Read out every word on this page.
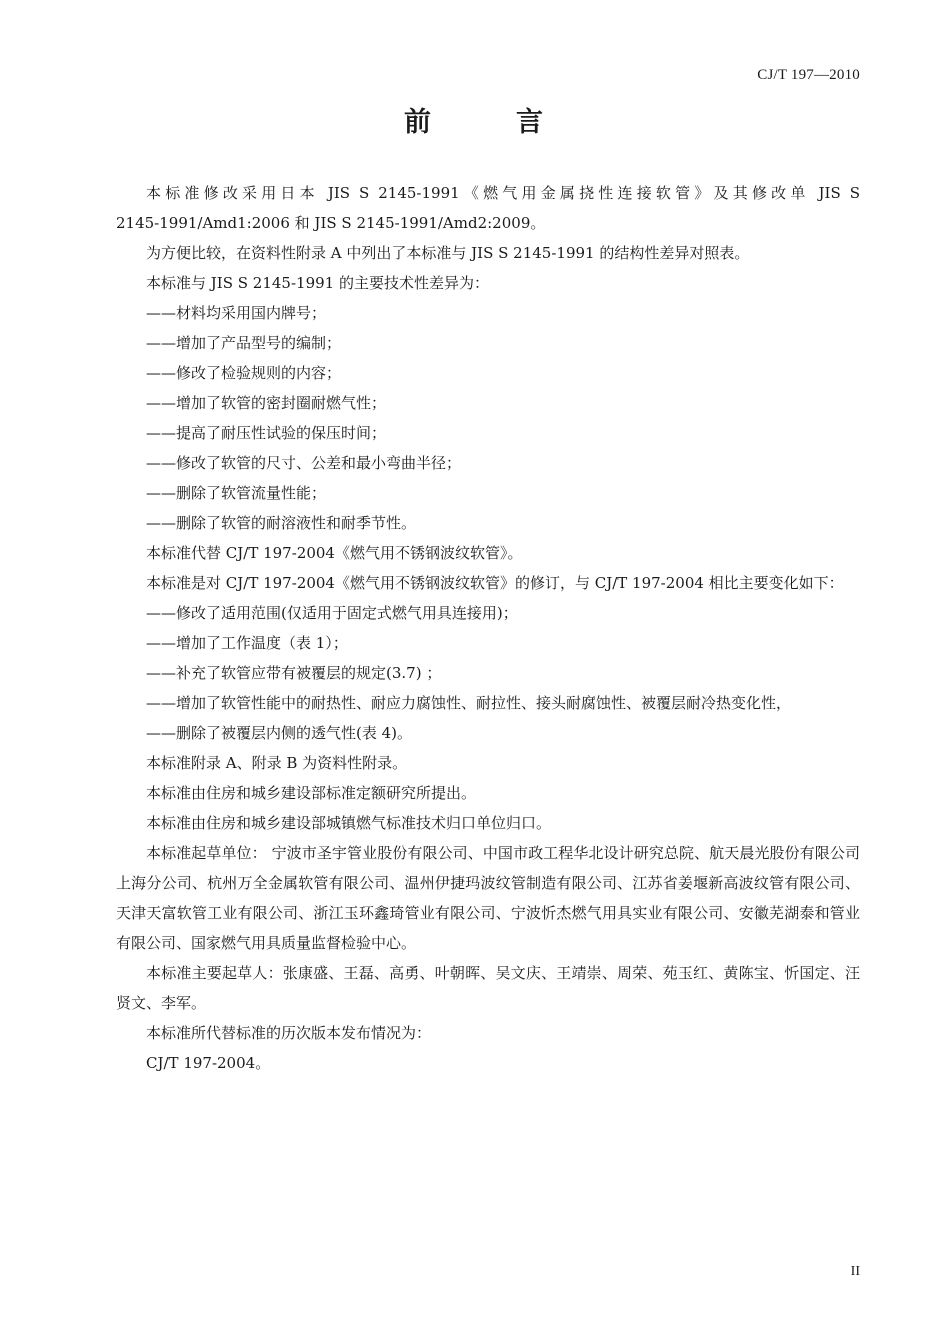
CJ/T 197—2010
前	言

本标准修改采用日本 JIS S 2145-1991《燃气用金属挠性连接软管》及其修改单 JIS S

2145-1991/Amd1:2006 和 JIS S 2145-1991/Amd2:2009。

为方便比较，在资料性附录 A 中列出了本标准与 JIS S 2145-1991 的结构性差异对照表。

本标准与 JIS S 2145-1991 的主要技术性差异为：

——材料均采用国内牌号；

——增加了产品型号的编制；

——修改了检验规则的内容；

——增加了软管的密封圈耐燃气性；

——提高了耐压性试验的保压时间；

——修改了软管的尺寸、公差和最小弯曲半径；

——删除了软管流量性能；

——删除了软管的耐溶液性和耐季节性。

本标准代替 CJ/T 197-2004《燃气用不锈钢波纹软管》。

本标准是对 CJ/T 197-2004《燃气用不锈钢波纹软管》的修订，与 CJ/T 197-2004 相比主要变化如下：

——修改了适用范围(仅适用于固定式燃气用具连接用)；

——增加了工作温度（表 1）；

——补充了软管应带有被覆层的规定(3.7) ；

——增加了软管性能中的耐热性、耐应力腐蚀性、耐拉性、接头耐腐蚀性、被覆层耐冷热变化性，

——删除了被覆层内侧的透气性(表 4)。

本标准附录 A、附录 B 为资料性附录。

本标准由住房和城乡建设部标准定额研究所提出。

本标准由住房和城乡建设部城镇燃气标准技术归口单位归口。

本标准起草单位： 宁波市圣宇管业股份有限公司、中国市政工程华北设计研究总院、航天晨光股份有限公司上海分公司、杭州万全金属软管有限公司、温州伊捷玛波纹管制造有限公司、江苏省姜堰新高波纹管有限公司、天津天富软管工业有限公司、浙江玉环鑫琦管业有限公司、宁波忻杰燃气用具实业有限公司、安徽芜湖泰和管业有限公司、国家燃气用具质量监督检验中心。

本标准主要起草人：张康盛、王磊、高勇、叶朝晖、吴文庆、王靖崇、周荣、苑玉红、黄陈宝、忻国定、汪贤文、李军。

本标准所代替标准的历次版本发布情况为：

CJ/T 197-2004。

II
